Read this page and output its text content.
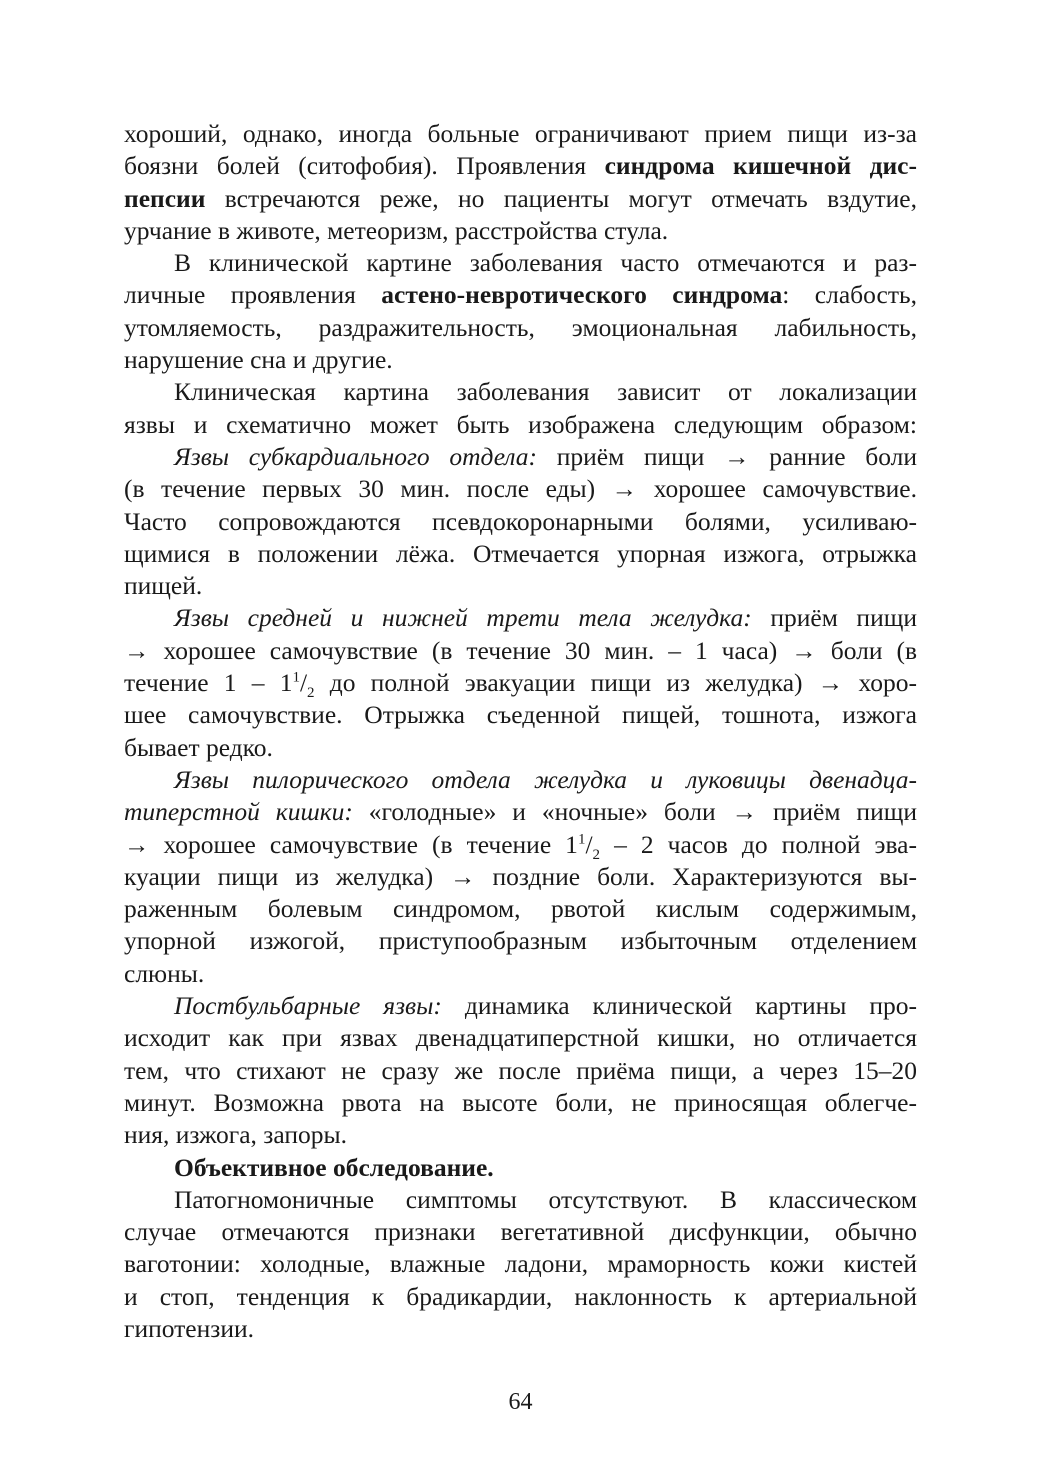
хороший, однако, иногда больные ограничивают прием пищи из-за
боязни болей (ситофобия). Проявления синдрома кишечной дис-
пепсии встречаются реже, но пациенты могут отмечать вздутие,
урчание в животе, метеоризм, расстройства стула.
В клинической картине заболевания часто отмечаются и раз-
личные проявления астено-невротического синдрома: слабость,
утомляемость, раздражительность, эмоциональная лабильность,
нарушение сна и другие.
Клиническая картина заболевания зависит от локализации
язвы и схематично может быть изображена следующим образом:
Язвы субкардиального отдела: приём пищи → ранние боли
(в течение первых 30 мин. после еды) → хорошее самочувствие.
Часто сопровождаются псевдокоронарными болями, усиливаю-
щимися в положении лёжа. Отмечается упорная изжога, отрыжка
пищей.
Язвы средней и нижней трети тела желудка: приём пищи
→ хорошее самочувствие (в течение 30 мин. – 1 часа) → боли (в
течение $1 - 1^1/_2$ до полной эвакуации пищи из желудка) → хоро-
шее самочувствие. Отрыжка съеденной пищей, тошнота, изжога
бывает редко.
Язвы пилорического отдела желудка и луковицы двенадца-
типерстной кишки: «голодные» и «ночные» боли → приём пищи
→ хорошее самочувствие (в течение $1^1/_2 - 2$ часов до полной эва-
куации пищи из желудка) → поздние боли. Характеризуются вы-
раженным болевым синдромом, рвотой кислым содержимым,
упорной изжогой, приступообразным избыточным отделением
слюны.
Постбульбарные язвы: динамика клинической картины про-
исходит как при язвах двенадцатиперстной кишки, но отличается
тем, что стихают не сразу же после приёма пищи, а через 15–20
минут. Возможна рвота на высоте боли, не приносящая облегче-
ния, изжога, запоры.
Объективное обследование.
Патогномоничные симптомы отсутствуют. В классическом
случае отмечаются признаки вегетативной дисфункции, обычно
ваготонии: холодные, влажные ладони, мраморность кожи кистей
и стоп, тенденция к брадикардии, наклонность к артериальной
гипотензии.
64
